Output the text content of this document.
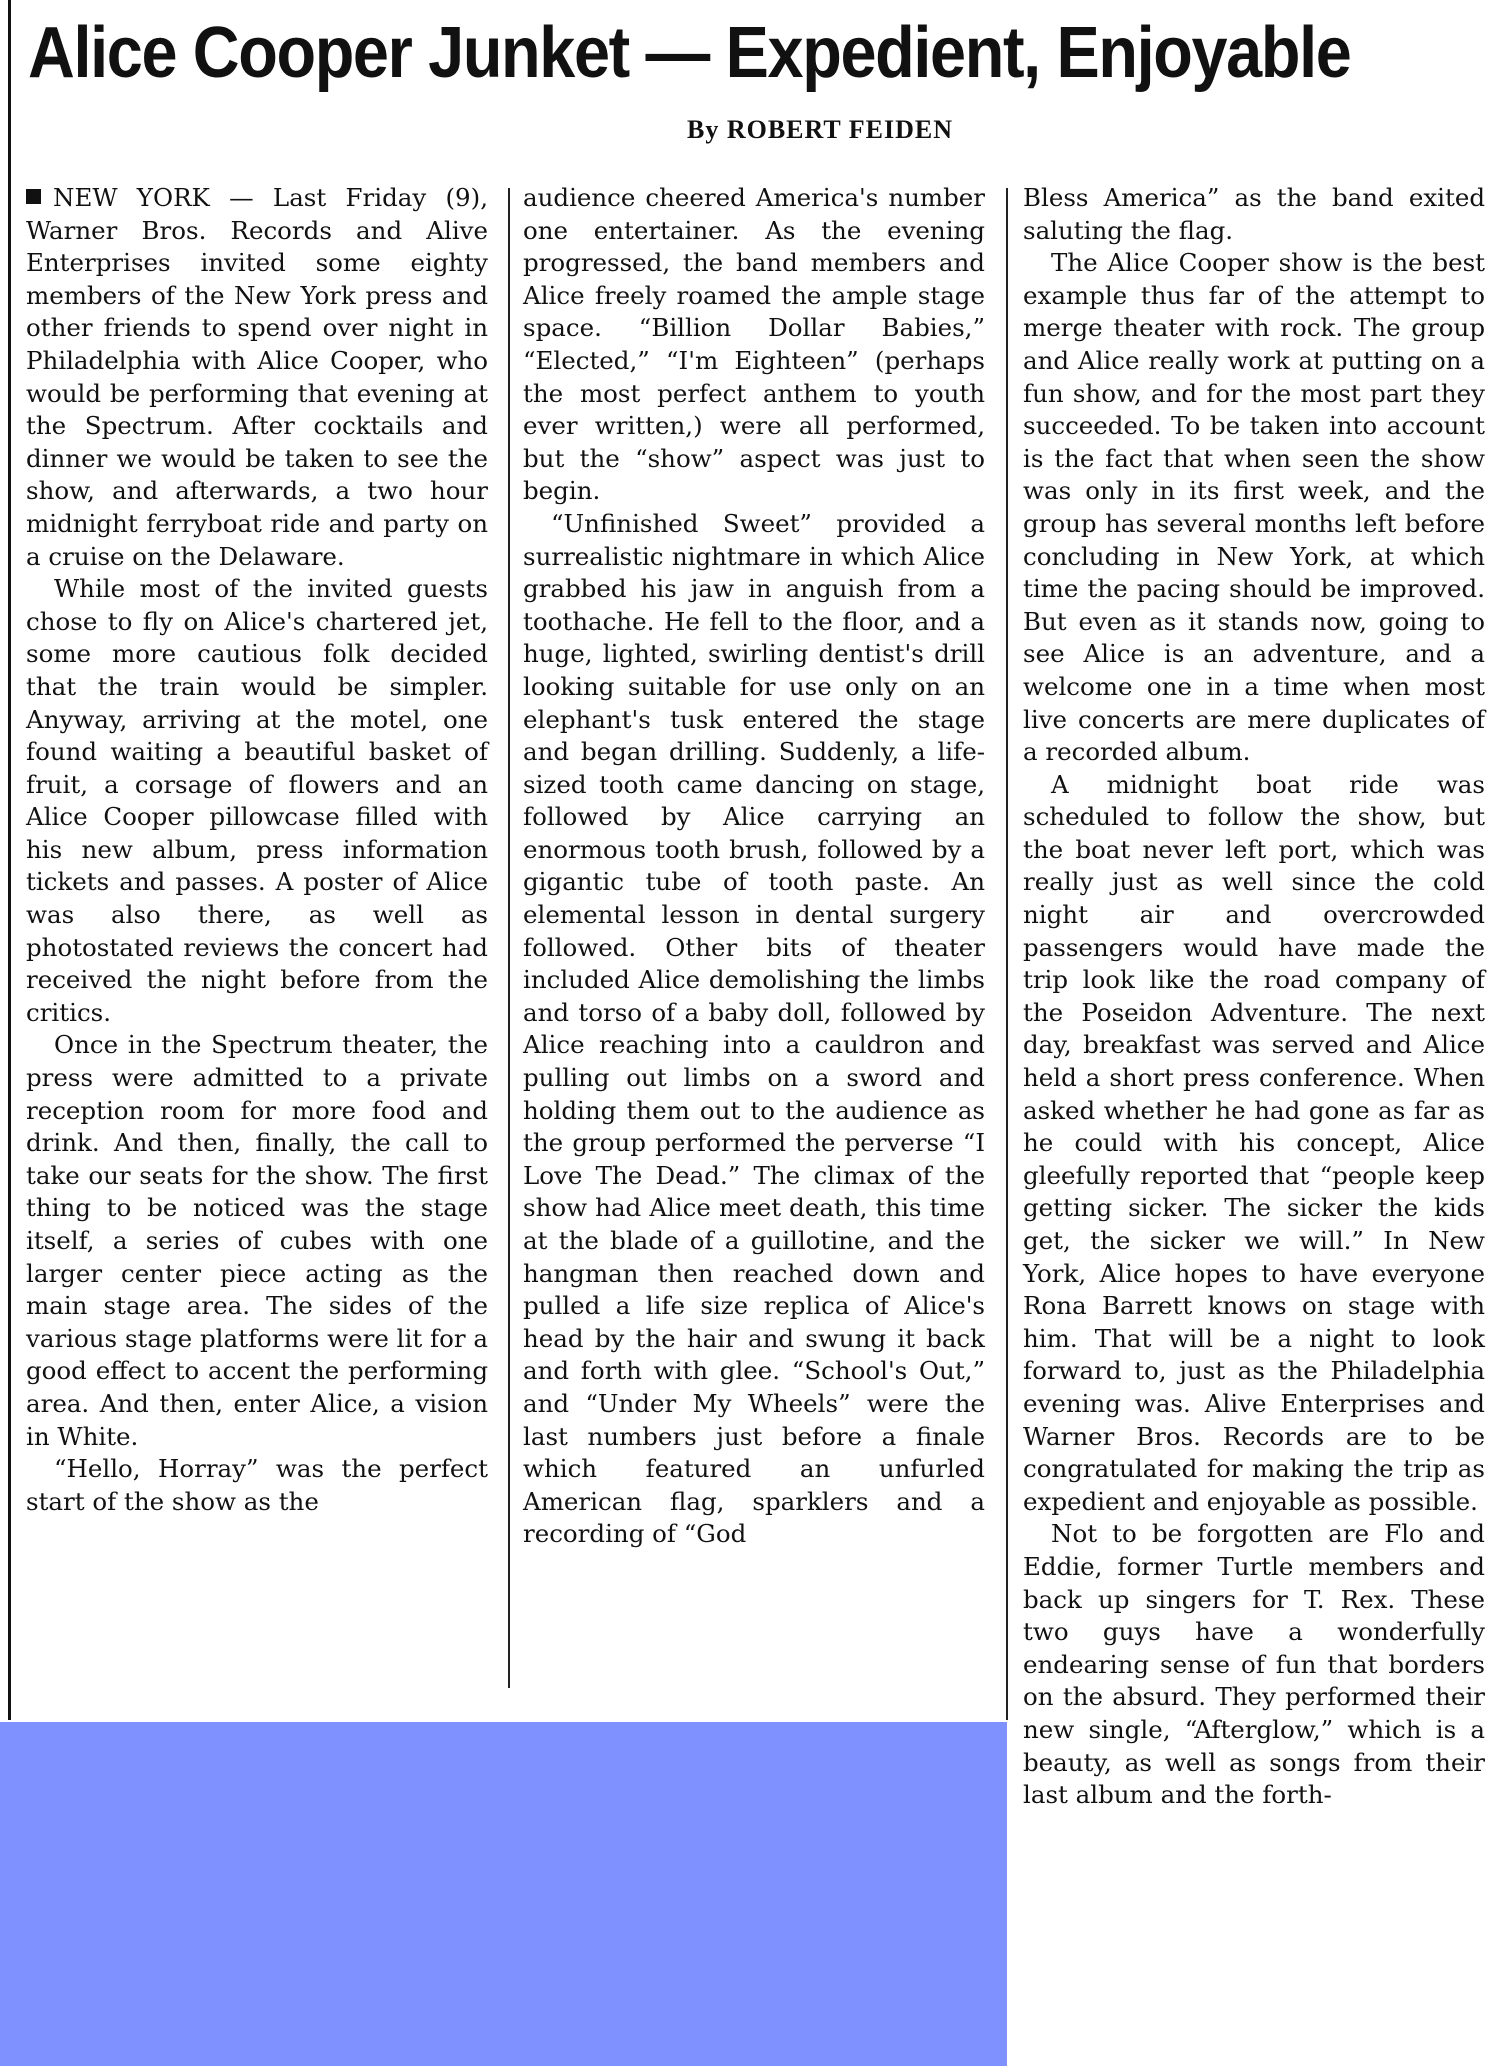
Alice Cooper Junket — Expedient, Enjoyable
By ROBERT FEIDEN

NEW YORK — Last Friday (9), Warner Bros. Records and Alive Enterprises invited some eighty members of the New York press and other friends to spend over night in Philadelphia with Alice Cooper, who would be performing that evening at the Spectrum. After cocktails and dinner we would be taken to see the show, and afterwards, a two hour midnight ferryboat ride and party on a cruise on the Delaware.

While most of the invited guests chose to fly on Alice's chartered jet, some more cautious folk decided that the train would be simpler. Anyway, arriving at the motel, one found waiting a beautiful basket of fruit, a corsage of flowers and an Alice Cooper pillowcase filled with his new album, press information tickets and passes. A poster of Alice was also there, as well as photostated reviews the concert had received the night before from the critics.

Once in the Spectrum theater, the press were admitted to a private reception room for more food and drink. And then, finally, the call to take our seats for the show. The first thing to be noticed was the stage itself, a series of cubes with one larger center piece acting as the main stage area. The sides of the various stage platforms were lit for a good effect to accent the performing area. And then, enter Alice, a vision in White.

“Hello, Horray” was the perfect start of the show as the

audience cheered America's number one entertainer. As the evening progressed, the band members and Alice freely roamed the ample stage space. “Billion Dollar Babies,” “Elected,” “I'm Eighteen” (perhaps the most perfect anthem to youth ever written,) were all performed, but the “show” aspect was just to begin.

“Unfinished Sweet” provided a surrealistic nightmare in which Alice grabbed his jaw in anguish from a toothache. He fell to the floor, and a huge, lighted, swirling dentist's drill looking suitable for use only on an elephant's tusk entered the stage and began drilling. Suddenly, a life-sized tooth came dancing on stage, followed by Alice carrying an enormous tooth brush, followed by a gigantic tube of tooth paste. An elemental lesson in dental surgery followed. Other bits of theater included Alice demolishing the limbs and torso of a baby doll, followed by Alice reaching into a cauldron and pulling out limbs on a sword and holding them out to the audience as the group performed the perverse “I Love The Dead.” The climax of the show had Alice meet death, this time at the blade of a guillotine, and the hangman then reached down and pulled a life size replica of Alice's head by the hair and swung it back and forth with glee. “School's Out,” and “Under My Wheels” were the last numbers just before a finale which featured an unfurled American flag, sparklers and a recording of “God

Bless America” as the band exited saluting the flag.

The Alice Cooper show is the best example thus far of the attempt to merge theater with rock. The group and Alice really work at putting on a fun show, and for the most part they succeeded. To be taken into account is the fact that when seen the show was only in its first week, and the group has several months left before concluding in New York, at which time the pacing should be improved. But even as it stands now, going to see Alice is an adventure, and a welcome one in a time when most live concerts are mere duplicates of a recorded album.

A midnight boat ride was scheduled to follow the show, but the boat never left port, which was really just as well since the cold night air and overcrowded passengers would have made the trip look like the road company of the Poseidon Adventure. The next day, breakfast was served and Alice held a short press conference. When asked whether he had gone as far as he could with his concept, Alice gleefully reported that “people keep getting sicker. The sicker the kids get, the sicker we will.” In New York, Alice hopes to have everyone Rona Barrett knows on stage with him. That will be a night to look forward to, just as the Philadelphia evening was. Alive Enterprises and Warner Bros. Records are to be congratulated for making the trip as expedient and enjoyable as possible.

Not to be forgotten are Flo and Eddie, former Turtle members and back up singers for T. Rex. These two guys have a wonderfully endearing sense of fun that borders on the absurd. They performed their new single, “Afterglow,” which is a beauty, as well as songs from their last album and the forth-
